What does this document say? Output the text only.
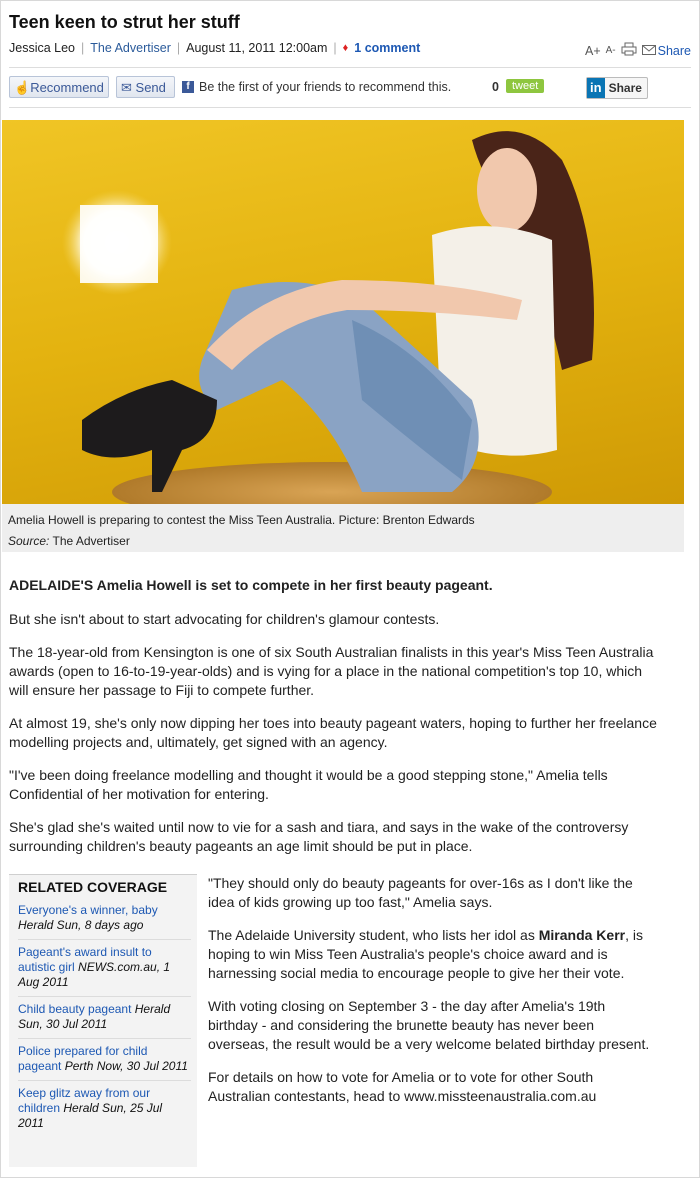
Teen keen to strut her stuff
Jessica Leo | The Advertiser | August 11, 2011 12:00am | ♦ 1 comment	A+ A-	Share
☝Recommend	✉ Send	f Be the first of your friends to recommend this.	0	tweet	in Share
Amelia Howell is preparing to contest the Miss Teen Australia. Picture: Brenton Edwards
Source: The Advertiser

ADELAIDE'S Amelia Howell is set to compete in her first beauty pageant.

But she isn't about to start advocating for children's glamour contests.

The 18-year-old from Kensington is one of six South Australian finalists in this year's Miss Teen Australia awards (open to 16-to-19-year-olds) and is vying for a place in the national competition's top 10, which will ensure her passage to Fiji to compete further.

At almost 19, she's only now dipping her toes into beauty pageant waters, hoping to further her freelance modelling projects and, ultimately, get signed with an agency.

"I've been doing freelance modelling and thought it would be a good stepping stone," Amelia tells Confidential of her motivation for entering.

She's glad she's waited until now to vie for a sash and tiara, and says in the wake of the controversy surrounding children's beauty pageants an age limit should be put in place.

RELATED COVERAGE
Everyone's a winner, baby Herald Sun, 8 days ago
Pageant's award insult to autistic girl NEWS.com.au, 1 Aug 2011
Child beauty pageant Herald Sun, 30 Jul 2011
Police prepared for child pageant Perth Now, 30 Jul 2011
Keep glitz away from our children Herald Sun, 25 Jul 2011

"They should only do beauty pageants for over-16s as I don't like the idea of kids growing up too fast," Amelia says.

The Adelaide University student, who lists her idol as Miranda Kerr, is hoping to win Miss Teen Australia's people's choice award and is harnessing social media to encourage people to give her their vote.

With voting closing on September 3 - the day after Amelia's 19th birthday - and considering the brunette beauty has never been overseas, the result would be a very welcome belated birthday present.

For details on how to vote for Amelia or to vote for other South Australian contestants, head to www.missteenaustralia.com.au
